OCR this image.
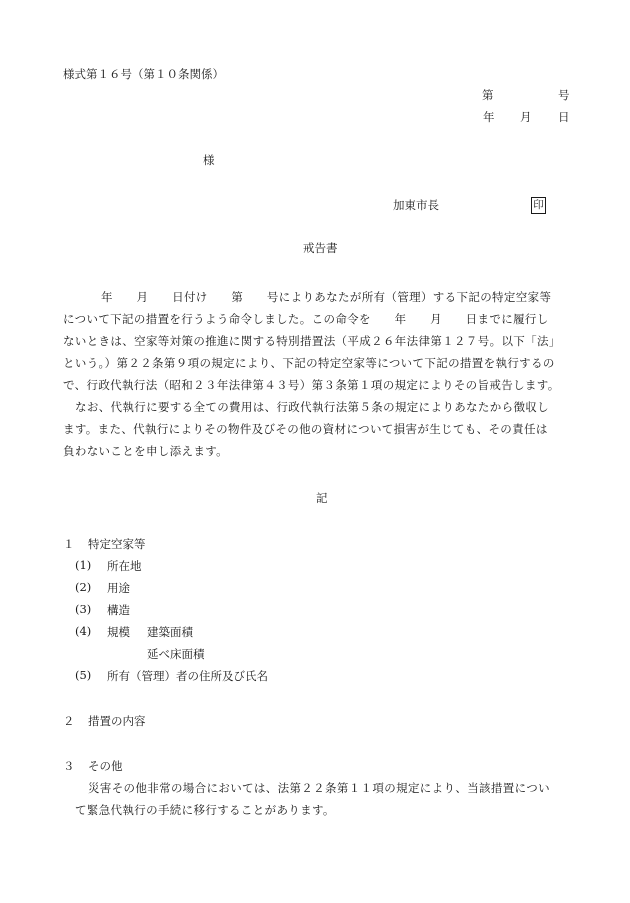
様式第１６号（第１０条関係）

第	号
年 月 日
様
加東市長	印

戒告書

年　　月　　日付け　　第　　号によりあなたが所有（管理）する下記の特定空家等

について下記の措置を行うよう命令しました。この命令を　　年　　月　　日までに履行し

ないときは、空家等対策の推進に関する特別措置法（平成２６年法律第１２７号。以下「法」

という。）第２２条第９項の規定により、下記の特定空家等について下記の措置を執行するの

で、行政代執行法（昭和２３年法律第４３号）第３条第１項の規定によりその旨戒告します。

なお、代執行に要する全ての費用は、行政代執行法第５条の規定によりあなたから徴収し

ます。また、代執行によりその物件及びその他の資材について損害が生じても、その責任は

負わないことを申し添えます。

記

１ 特定空家等
(1) 所在地
(2) 用途
(3) 構造
(4) 規模 建築面積
延べ床面積
(5) 所有（管理）者の住所及び氏名
２ 措置の内容
３ その他

災害その他非常の場合においては、法第２２条第１１項の規定により、当該措置につい

て緊急代執行の手続に移行することがあります。
